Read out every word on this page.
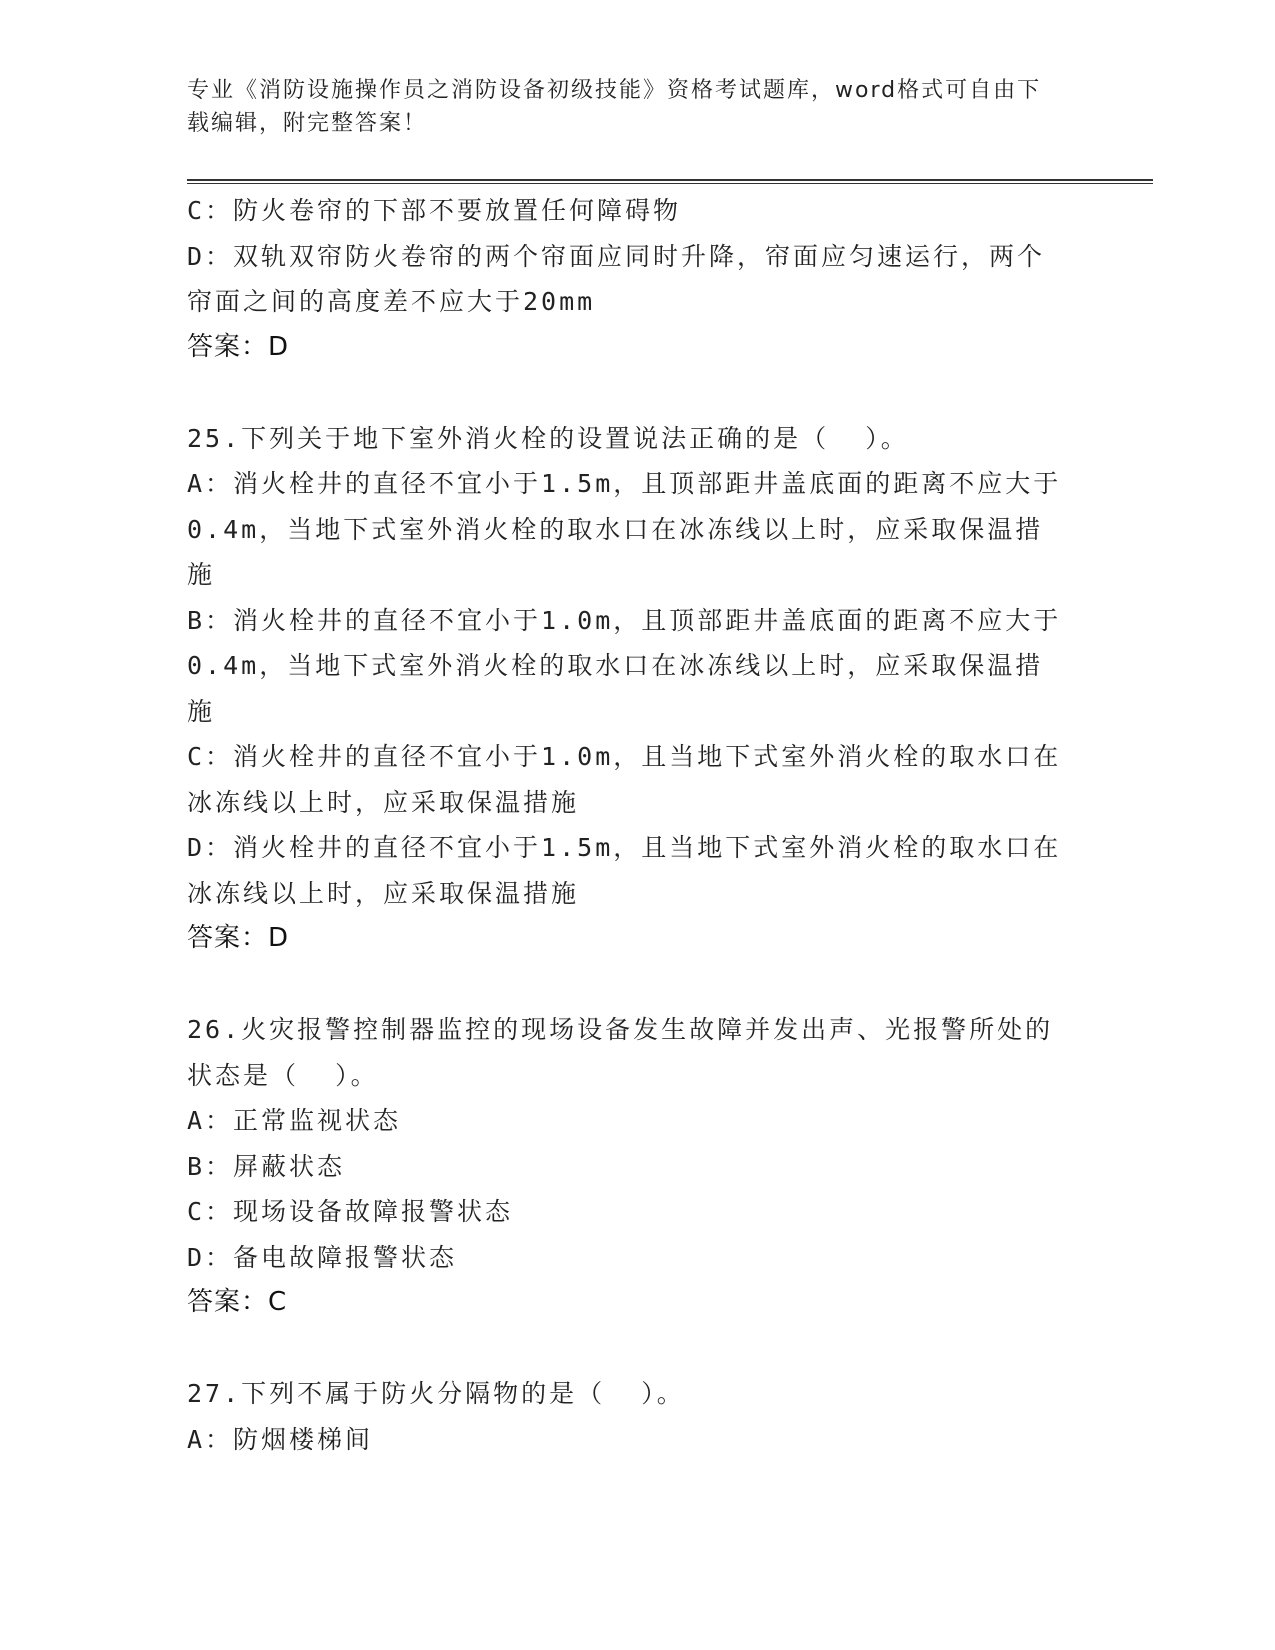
专业《消防设施操作员之消防设备初级技能》资格考试题库，word格式可自由下
载编辑，附完整答案！
C：防火卷帘的下部不要放置任何障碍物
D：双轨双帘防火卷帘的两个帘面应同时升降，帘面应匀速运行，两个
帘面之间的高度差不应大于20mm
答案：D
25.下列关于地下室外消火栓的设置说法正确的是（  ）。
A：消火栓井的直径不宜小于1.5m，且顶部距井盖底面的距离不应大于
0.4m，当地下式室外消火栓的取水口在冰冻线以上时，应采取保温措
施
B：消火栓井的直径不宜小于1.0m，且顶部距井盖底面的距离不应大于
0.4m，当地下式室外消火栓的取水口在冰冻线以上时，应采取保温措
施
C：消火栓井的直径不宜小于1.0m，且当地下式室外消火栓的取水口在
冰冻线以上时，应采取保温措施
D：消火栓井的直径不宜小于1.5m，且当地下式室外消火栓的取水口在
冰冻线以上时，应采取保温措施
答案：D
26.火灾报警控制器监控的现场设备发生故障并发出声、光报警所处的
状态是（  ）。
A：正常监视状态
B：屏蔽状态
C：现场设备故障报警状态
D：备电故障报警状态
答案：C
27.下列不属于防火分隔物的是（  ）。
A：防烟楼梯间
